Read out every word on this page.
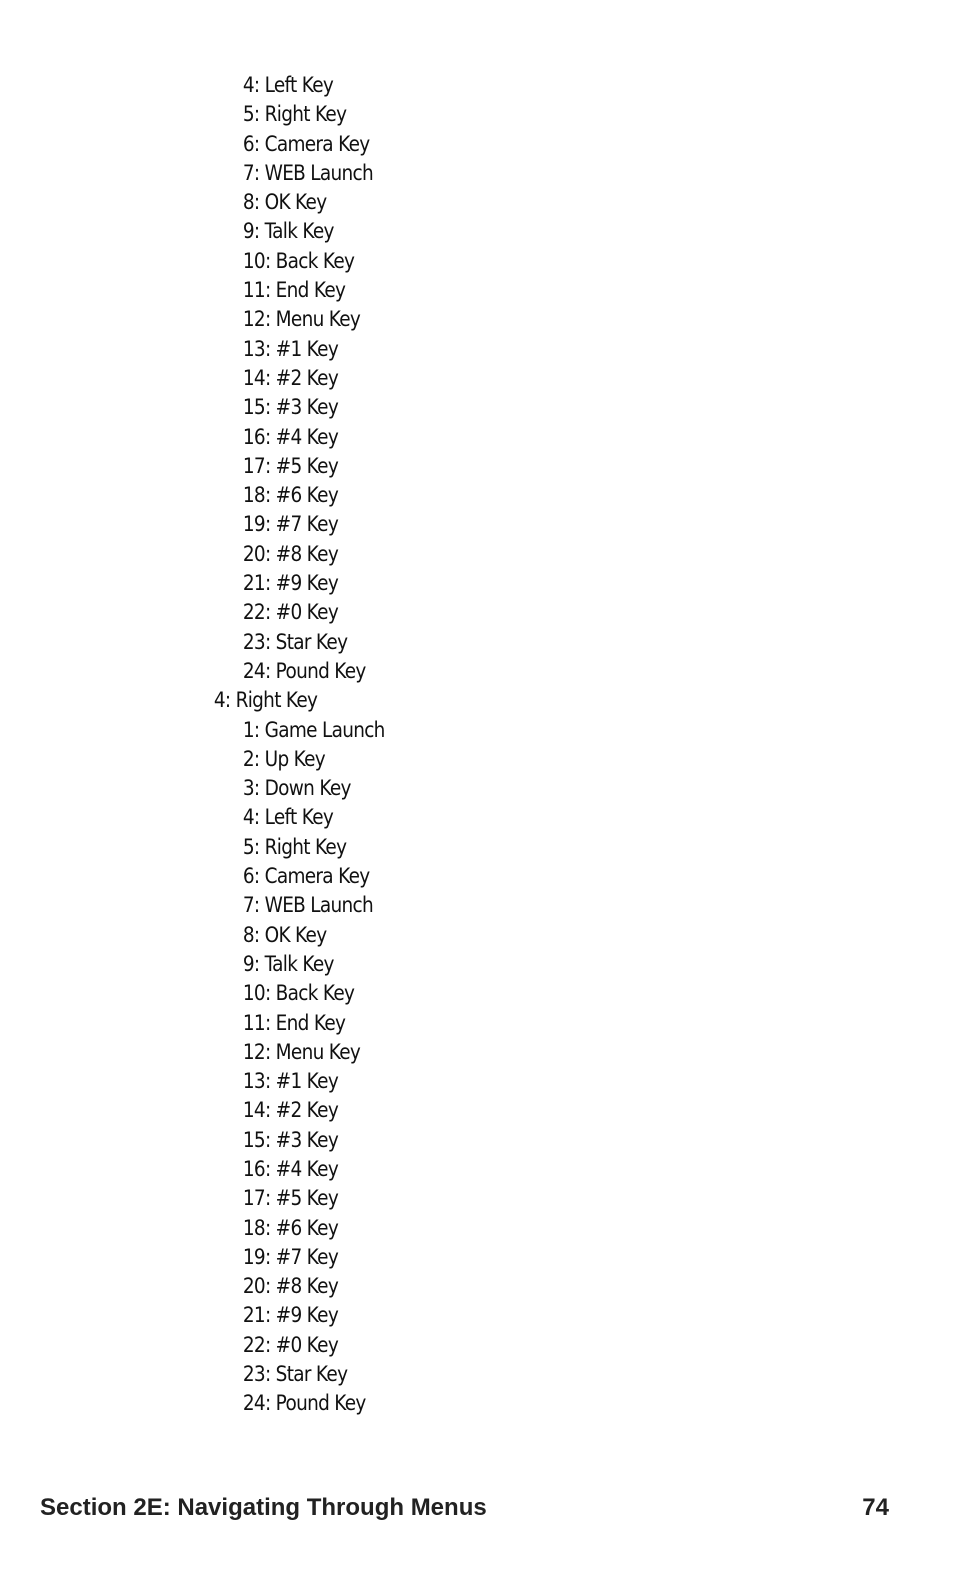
4: Left Key
5: Right Key
6: Camera Key
7: WEB Launch
8: OK Key
9: Talk Key
10: Back Key
11: End Key
12: Menu Key
13: #1 Key
14: #2 Key
15: #3 Key
16: #4 Key
17: #5 Key
18: #6 Key
19: #7 Key
20: #8 Key
21: #9 Key
22: #0 Key
23: Star Key
24: Pound Key
4: Right Key
1: Game Launch
2: Up Key
3: Down Key
4: Left Key
5: Right Key
6: Camera Key
7: WEB Launch
8: OK Key
9: Talk Key
10: Back Key
11: End Key
12: Menu Key
13: #1 Key
14: #2 Key
15: #3 Key
16: #4 Key
17: #5 Key
18: #6 Key
19: #7 Key
20: #8 Key
21: #9 Key
22: #0 Key
23: Star Key
24: Pound Key
Section 2E: Navigating Through Menus	74
